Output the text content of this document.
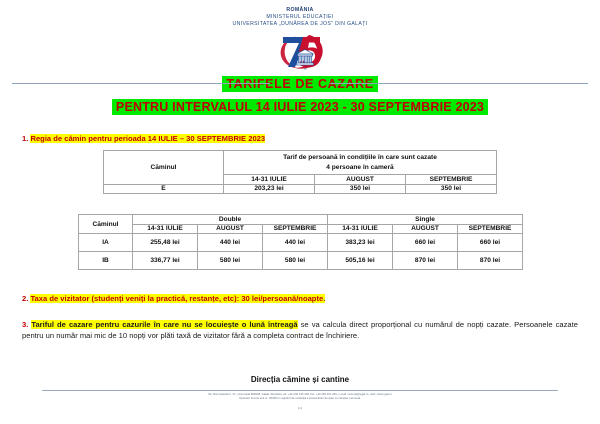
ROMÂNIA
MINISTERUL EDUCAȚIEI
UNIVERSITATEA „DUNĂREA DE JOS" DIN GALAȚI
75
TARIFELE DE CAZARE
PENTRU INTERVALUL 14 IULIE 2023 - 30 SEPTEMBRIE 2023
1. Regia de cămin pentru perioada 14 IULIE – 30 SEPTEMBRIE 2023
Căminul	Tarif de persoană în condițiile în care sunt cazate
4 persoane în cameră		

	14-31 IULIE	AUGUST	SEPTEMBRIE
E	203,23 lei	350 lei	350 lei
Căminul	Double			Single		
	14-31 IULIE	AUGUST	SEPTEMBRIE	14-31 IULIE	AUGUST	SEPTEMBRIE
IA	255,48 lei	440 lei	440 lei	383,23 lei	660 lei	660 lei
IB	336,77 lei	580 lei	580 lei	505,16 lei	870 lei	870 lei
2. Taxa de vizitator (studenți veniți la practică, restanțe, etc): 30 lei/persoană/noapte.
3. Tariful de cazare pentru cazurile în care nu se locuiește o lună întreagă se va calcula direct proporțional cu numărul de nopți cazate. Persoanele cazate pentru un număr mai mic de 10 nopți vor plăti taxă de vizitator fără a completa contract de închiriere.
Direcția cămine și cantine
Str. Domnească nr. 47, cod poștal 800008, Galați, România, tel: +40 236 130 108, fax: +40 236 461 353, e-mail: rectorat@ugal.ro, web: www.ugal.ro
Operator înscris sub nr. 36338 în registrul de evidență a prelucrărilor de date cu caracter personal.
1/1
